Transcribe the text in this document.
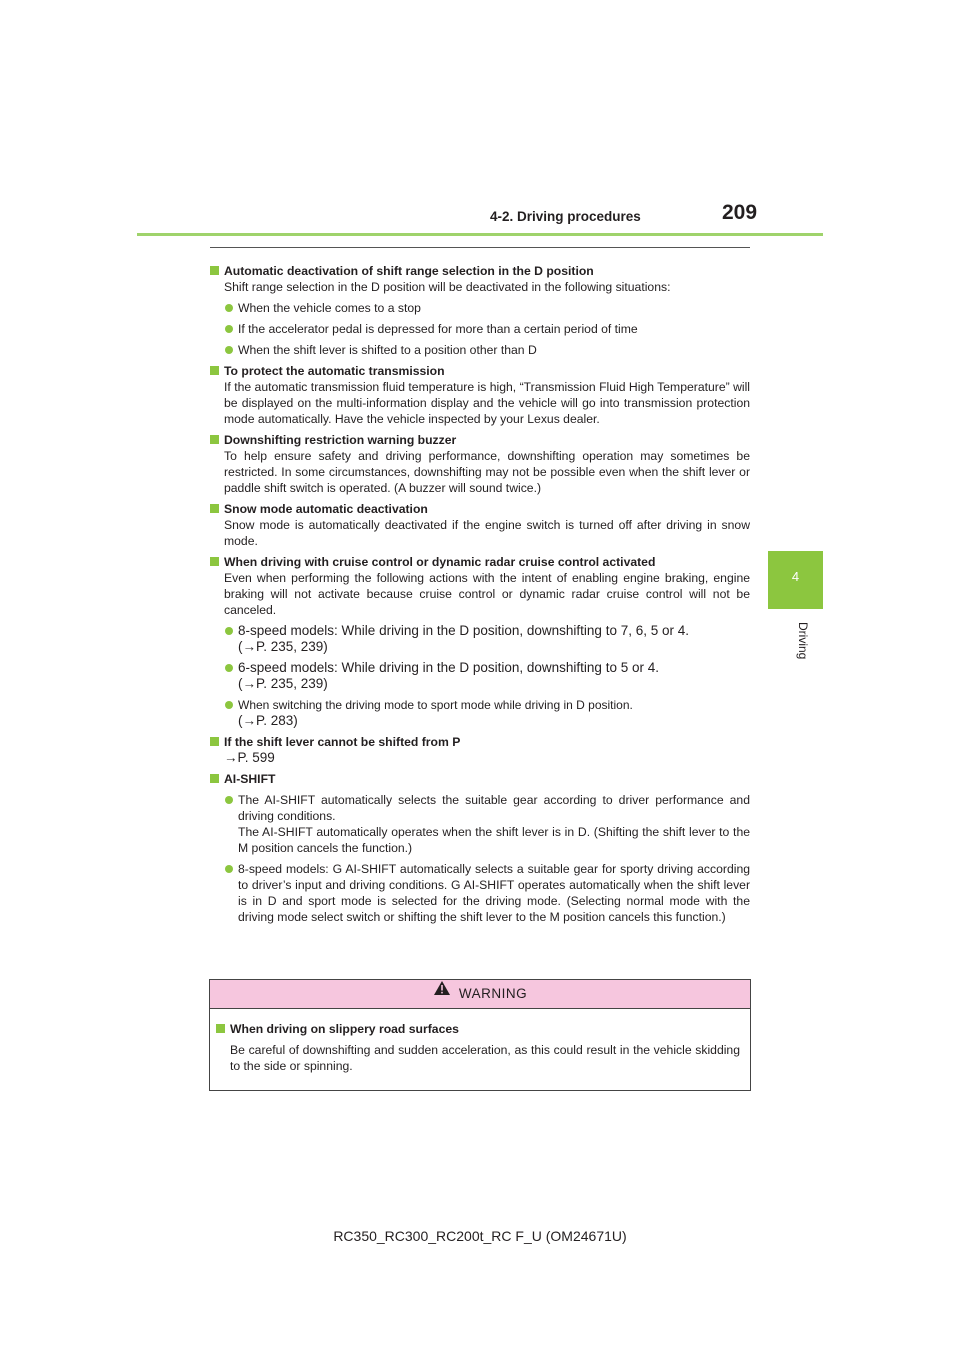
4-2. Driving procedures	209
4
Driving
Automatic deactivation of shift range selection in the D position
Shift range selection in the D position will be deactivated in the following situations:
When the vehicle comes to a stop
If the accelerator pedal is depressed for more than a certain period of time
When the shift lever is shifted to a position other than D
To protect the automatic transmission
If the automatic transmission fluid temperature is high, “Transmission Fluid High Temperature” will be displayed on the multi-information display and the vehicle will go into transmission protection mode automatically. Have the vehicle inspected by your Lexus dealer.
Downshifting restriction warning buzzer
To help ensure safety and driving performance, downshifting operation may sometimes be restricted. In some circumstances, downshifting may not be possible even when the shift lever or paddle shift switch is operated. (A buzzer will sound twice.)
Snow mode automatic deactivation
Snow mode is automatically deactivated if the engine switch is turned off after driving in snow mode.
When driving with cruise control or dynamic radar cruise control activated
Even when performing the following actions with the intent of enabling engine braking, engine braking will not activate because cruise control or dynamic radar cruise control will not be canceled.
8-speed models: While driving in the D position, downshifting to 7, 6, 5 or 4.
(→P. 235, 239)
6-speed models: While driving in the D position, downshifting to 5 or 4.
(→P. 235, 239)
When switching the driving mode to sport mode while driving in D position.
(→P. 283)
If the shift lever cannot be shifted from P
→P. 599
AI-SHIFT
The AI-SHIFT automatically selects the suitable gear according to driver performance and driving conditions.
The AI-SHIFT automatically operates when the shift lever is in D. (Shifting the shift lever to the M position cancels the function.)
8-speed models: G AI-SHIFT automatically selects a suitable gear for sporty driving according to driver’s input and driving conditions. G AI-SHIFT operates automatically when the shift lever is in D and sport mode is selected for the driving mode. (Selecting normal mode with the driving mode select switch or shifting the shift lever to the M position cancels this function.)
WARNING
When driving on slippery road surfaces
Be careful of downshifting and sudden acceleration, as this could result in the vehicle skidding to the side or spinning.
RC350_RC300_RC200t_RC F_U (OM24671U)
